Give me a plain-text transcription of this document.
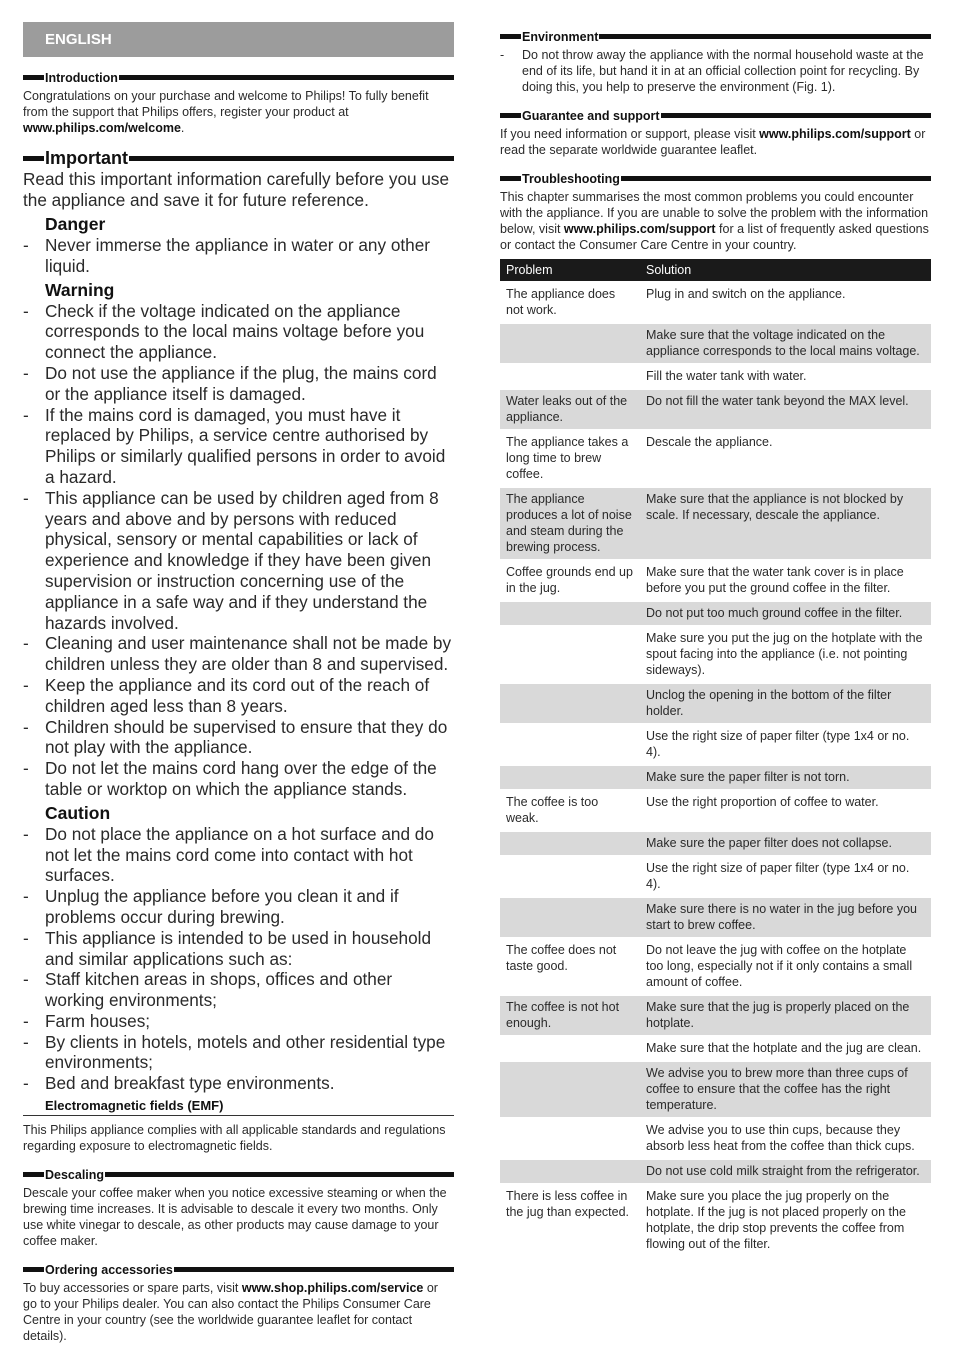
ENGLISH
Introduction

Congratulations on your purchase and welcome to Philips! To fully benefit from the support that Philips offers, register your product at www.philips.com/welcome.

Important

Read this important information carefully before you use the appliance and save it for future reference.

Danger
- Never immerse the appliance in water or any other liquid.
Warning
- Check if the voltage indicated on the appliance corresponds to the local mains voltage before you connect the appliance.
- Do not use the appliance if the plug, the mains cord or the appliance itself is damaged.
- If the mains cord is damaged, you must have it replaced by Philips, a service centre authorised by Philips or similarly qualified persons in order to avoid a hazard.
- This appliance can be used by children aged from 8 years and above and by persons with reduced physical, sensory or mental capabilities or lack of experience and knowledge if they have been given supervision or instruction concerning use of the appliance in a safe way and if they understand the hazards involved.
- Cleaning and user maintenance shall not be made by children unless they are older than 8 and supervised.
- Keep the appliance and its cord out of the reach of children aged less than 8 years.
- Children should be supervised to ensure that they do not play with the appliance.
- Do not let the mains cord hang over the edge of the table or worktop on which the appliance stands.
Caution
- Do not place the appliance on a hot surface and do not let the mains cord come into contact with hot surfaces.
- Unplug the appliance before you clean it and if problems occur during brewing.
- This appliance is intended to be used in household and similar applications such as:
- Staff kitchen areas in shops, offices and other working environments;
- Farm houses;
- By clients in hotels, motels and other residential type environments;
- Bed and breakfast type environments.
Electromagnetic fields (EMF)

This Philips appliance complies with all applicable standards and regulations regarding exposure to electromagnetic fields.

Descaling

Descale your coffee maker when you notice excessive steaming or when the brewing time increases. It is advisable to descale it every two months. Only use white vinegar to descale, as other products may cause damage to your coffee maker.

Ordering accessories

To buy accessories or spare parts, visit www.shop.philips.com/service or go to your Philips dealer. You can also contact the Philips Consumer Care Centre in your country (see the worldwide guarantee leaflet for contact details).

Environment
- Do not throw away the appliance with the normal household waste at the end of its life, but hand it in at an official collection point for recycling. By doing this, you help to preserve the environment (Fig. 1).
Guarantee and support

If you need information or support, please visit www.philips.com/support or read the separate worldwide guarantee leaflet.

Troubleshooting

This chapter summarises the most common problems you could encounter with the appliance. If you are unable to solve the problem with the information below, visit www.philips.com/support for a list of frequently asked questions or contact the Consumer Care Centre in your country.

Problem	Solution
The appliance does not work.	Plug in and switch on the appliance.
	Make sure that the voltage indicated on the appliance corresponds to the local mains voltage.
	Fill the water tank with water.
Water leaks out of the appliance.	Do not fill the water tank beyond the MAX level.
The appliance takes a long time to brew coffee.	Descale the appliance.
The appliance produces a lot of noise and steam during the brewing process.	Make sure that the appliance is not blocked by scale. If necessary, descale the appliance.
Coffee grounds end up in the jug.	Make sure that the water tank cover is in place before you put the ground coffee in the filter.
	Do not put too much ground coffee in the filter.
	Make sure you put the jug on the hotplate with the spout facing into the appliance (i.e. not pointing sideways).
	Unclog the opening in the bottom of the filter holder.
	Use the right size of paper filter (type 1x4 or no. 4).
	Make sure the paper filter is not torn.
The coffee is too weak.	Use the right proportion of coffee to water.
	Make sure the paper filter does not collapse.
	Use the right size of paper filter (type 1x4 or no. 4).
	Make sure there is no water in the jug before you start to brew coffee.
The coffee does not taste good.	Do not leave the jug with coffee on the hotplate too long, especially not if it only contains a small amount of coffee.
The coffee is not hot enough.	Make sure that the jug is properly placed on the hotplate.
	Make sure that the hotplate and the jug are clean.
	We advise you to brew more than three cups of coffee to ensure that the coffee has the right temperature.
	We advise you to use thin cups, because they absorb less heat from the coffee than thick cups.
	Do not use cold milk straight from the refrigerator.
There is less coffee in the jug than expected.	Make sure you place the jug properly on the hotplate. If the jug is not placed properly on the hotplate, the drip stop prevents the coffee from flowing out of the filter.
